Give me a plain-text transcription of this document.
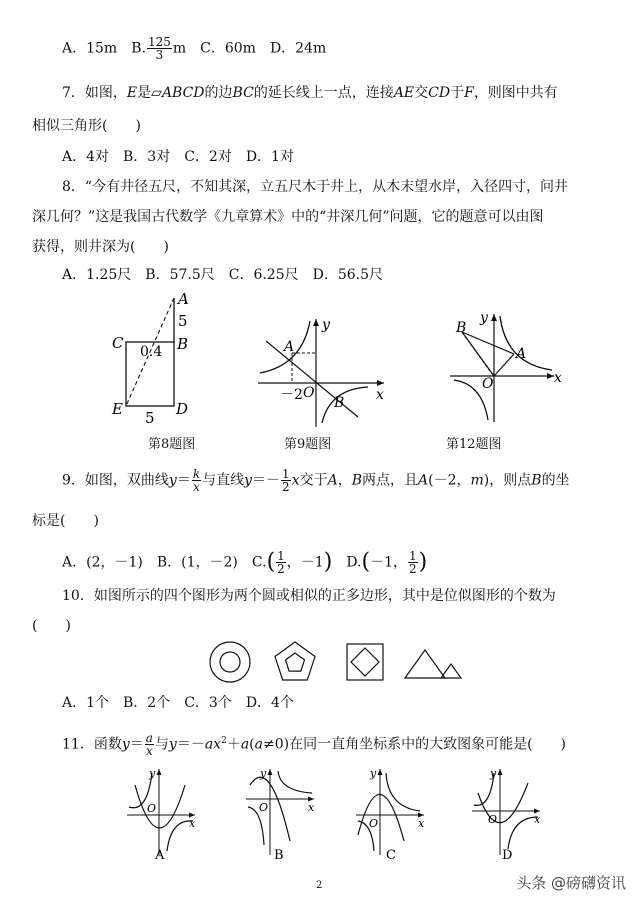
A．15m　 B. $\frac{125}{3}$ m　 C．60m　 D．24m
7．如图，E是▱ABCD的边BC的延长线上一点，连接AE交CD于F，则图中共有
相似三角形(　　)
A．4对　B．3对　C．2对　D．1对
8．“今有井径五尺，不知其深，立五尺木于井上，从木末望水岸，入径四寸，问井
深几何？”这是我国古代数学《九章算术》中的“井深几何”问题，它的题意可以由图
获得，则井深为(　　)
A．1.25尺　B．57.5尺　C．6.25尺　D．56.5尺
A
5
C 0.4 B
E	D
5
第8题图
y
x
O
A
B
－2
第9题图
y
x
O
A
B
第12题图
9．如图，双曲线$y= \frac{k}{x}$ 与直线$y=- \frac{1}{2}$ x交于A，B两点，且A(－2，m)，则点B的坐
标是(　　)
A．(2，－1)　 B．(1，－2)　 $C.( \frac{1}{2}$ ，－1)　 D.(－1， $\frac{1}{2}$ )
10．如图所示的四个图形为两个圆或相似的正多边形，其中是位似图形的个数为
(　　)
A．1个　B．2个　C．3个　D．4个
11．函数$y= \frac{a}{x}$ 与$y=-ax^2+a(a\ne 0)$在同一直角坐标系中的大致图象可能是(　　)
y
x
O
A
y
x
O
B
y
x
O
C
y
x
O
D
2	头条 @磅礴资讯
